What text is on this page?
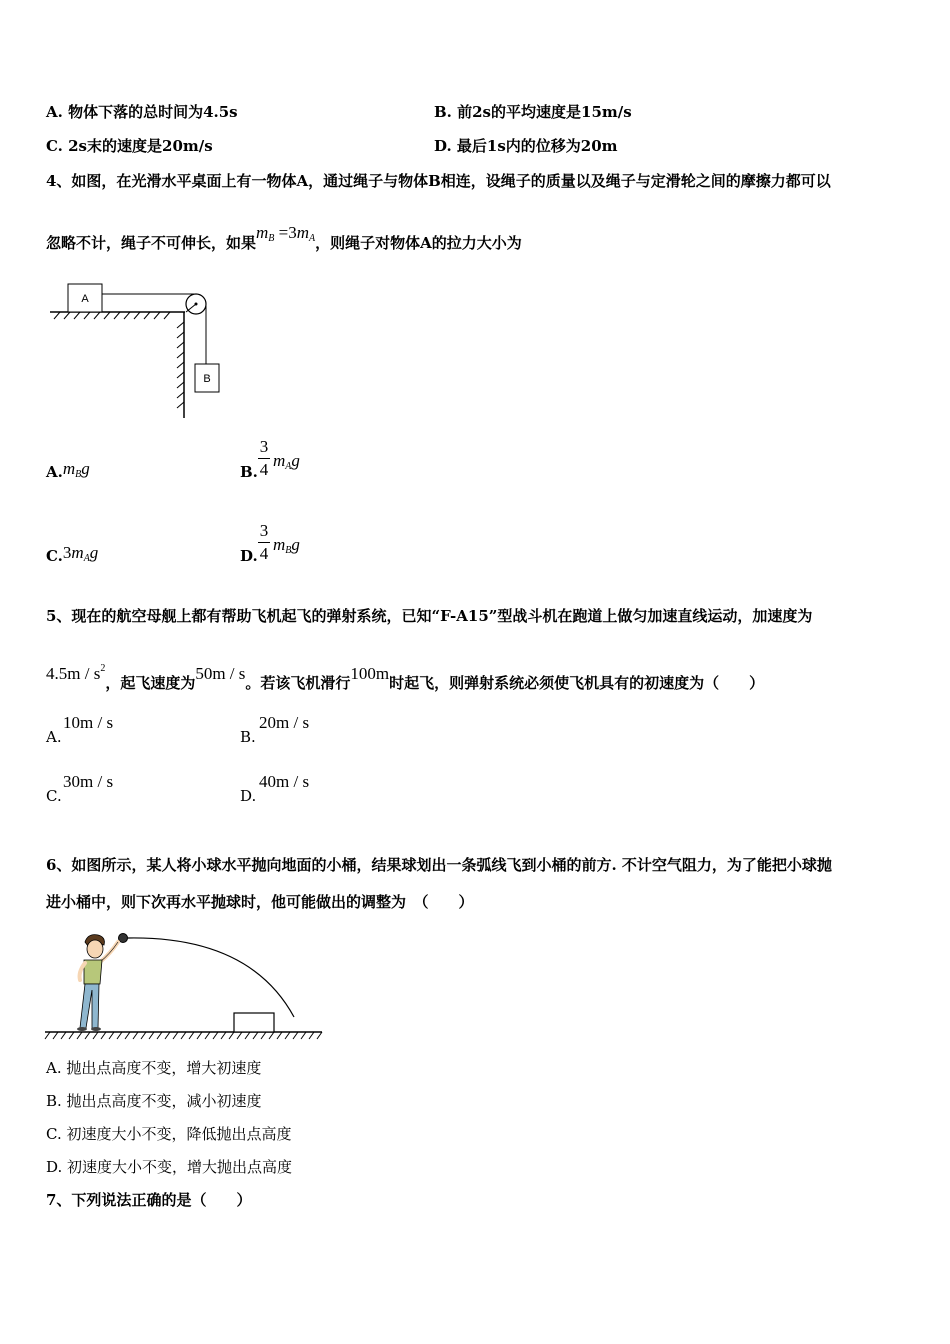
A. 物体下落的总时间为4.5s	B. 前2s的平均速度是15m/s
C. 2s末的速度是20m/s	D. 最后1s内的位移为20m
4、如图，在光滑水平桌面上有一物体A，通过绳子与物体B相连，设绳子的质量以及绳子与定滑轮之间的摩擦力都可以
忽略不计，绳子不可伸长，如果$m_B =3m_A$，则绳子对物体A的拉力大小为
A
B
$A.m_Bg$	B.
3
4 $m_Ag$
$C.3m_Ag$	D.
3
4 $m_Bg$
5、现在的航空母舰上都有帮助飞机起飞的弹射系统，已知“F-A15”型战斗机在跑道上做匀加速直线运动，加速度为
$4.5m / s^2$，起飞速度为50m / s。若该飞机滑行100m时起飞，则弹射系统必须使飞机具有的初速度为（　　）
A.
10m / s
B.
20m / s
C.
30m / s
D.
40m / s
6、如图所示，某人将小球水平抛向地面的小桶，结果球划出一条弧线飞到小桶的前方. 不计空气阻力，为了能把小球抛
进小桶中，则下次再水平抛球时，他可能做出的调整为　（　　）
A. 抛出点高度不变，增大初速度
B. 抛出点高度不变，减小初速度
C. 初速度大小不变，降低抛出点高度
D. 初速度大小不变，增大抛出点高度
7、下列说法正确的是（　　）
